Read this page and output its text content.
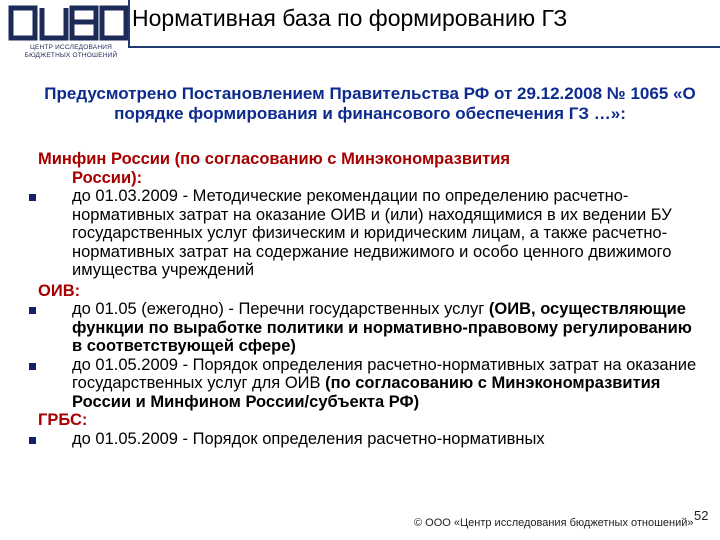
ЦЕНТР ИССЛЕДОВАНИЯ
БЮДЖЕТНЫХ ОТНОШЕНИЙ
Нормативная база по формированию ГЗ
Предусмотрено Постановлением Правительства РФ от 29.12.2008 № 1065 «О порядке формирования и финансового обеспечения ГЗ …»:
Минфин России (по согласованию с Минэкономразвития
России):
до 01.03.2009 - Методические рекомендации по определению расчетно-нормативных затрат на оказание ОИВ и (или) находящимися в их ведении БУ государственных услуг физическим и юридическим лицам, а также расчетно-нормативных затрат на содержание недвижимого и особо ценного движимого имущества учреждений
ОИВ:
до 01.05 (ежегодно) - Перечни государственных услуг (ОИВ, осуществляющие функции по выработке политики и нормативно-правовому регулированию в соответствующей сфере)
до 01.05.2009 - Порядок определения расчетно-нормативных затрат на оказание государственных услуг для ОИВ (по согласованию с Минэкономразвития России и Минфином России/субъекта РФ)
ГРБС:
до 01.05.2009 - Порядок определения расчетно-нормативных
© ООО «Центр исследования бюджетных отношений» 52
